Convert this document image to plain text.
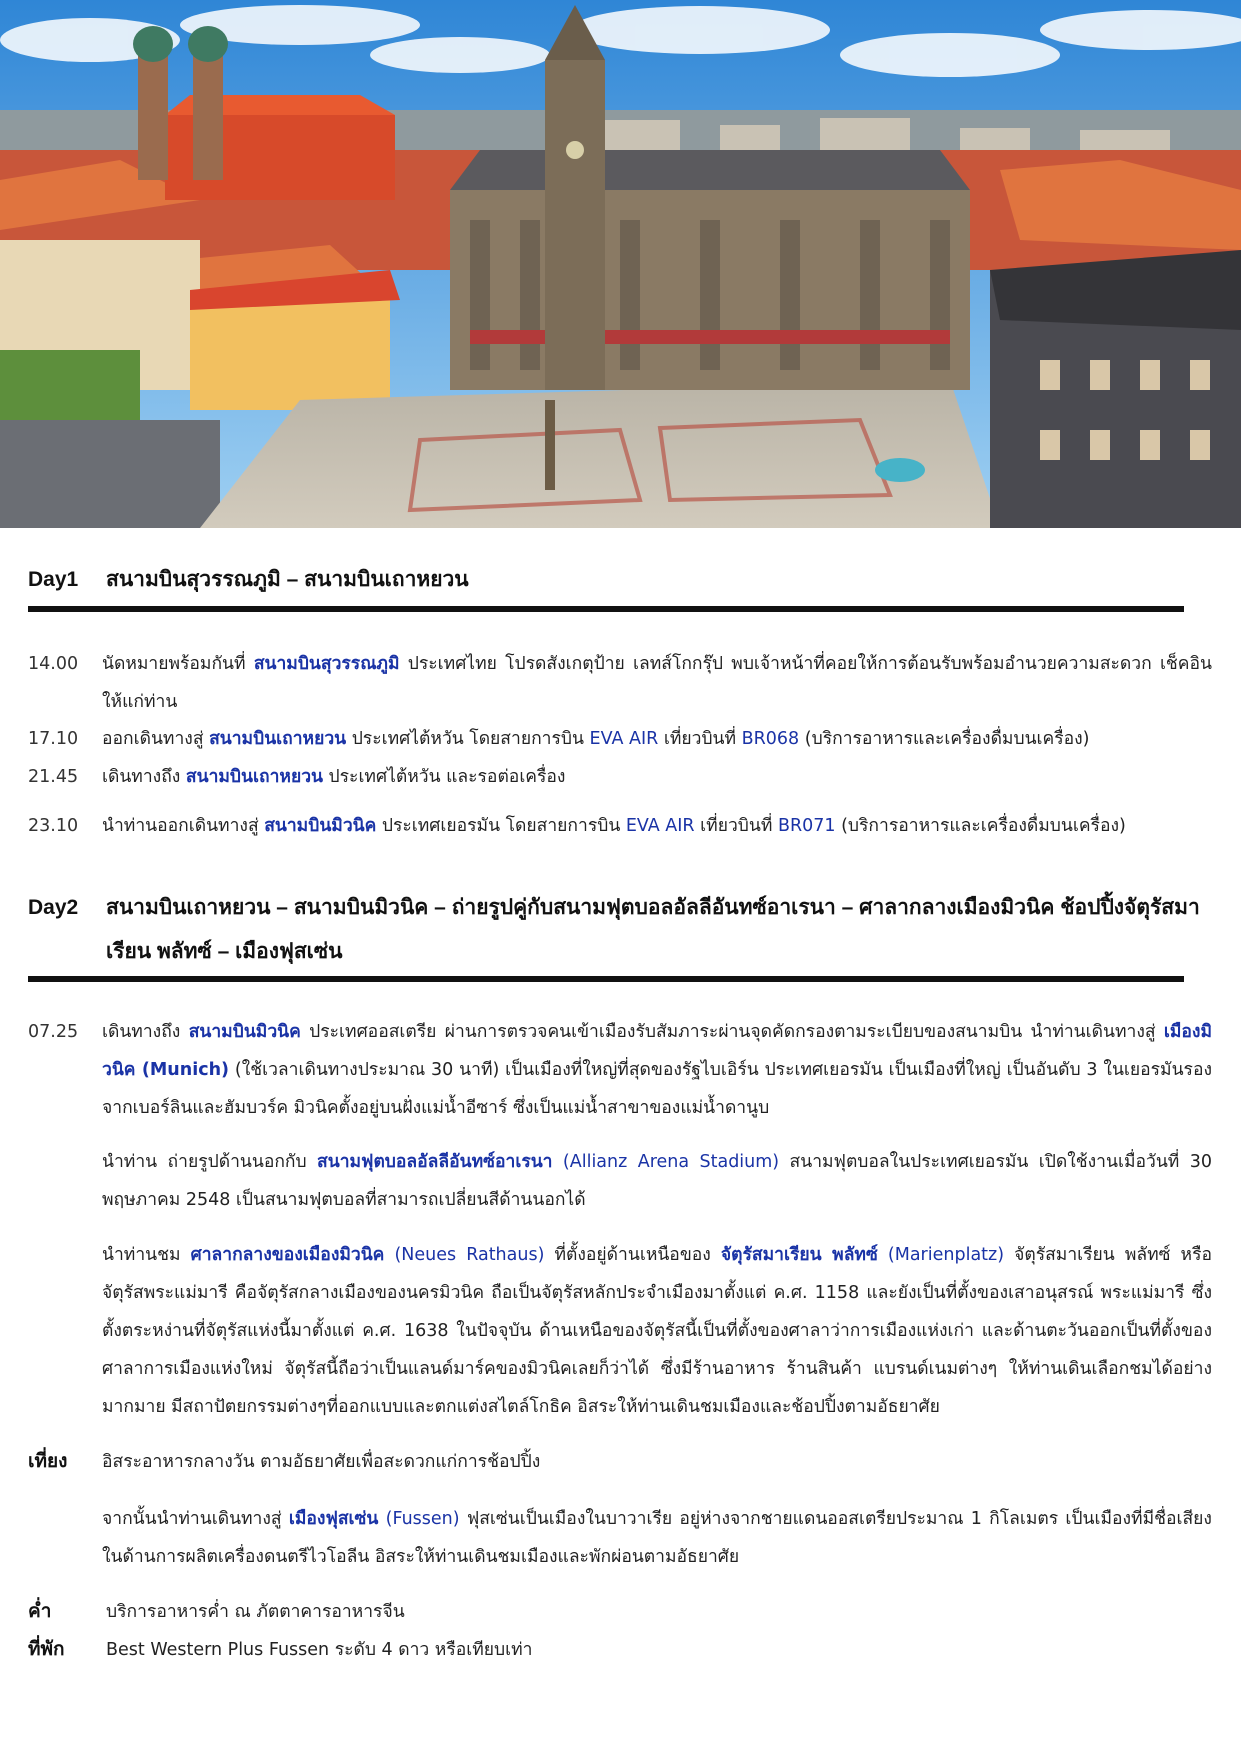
Day1 สนามบินสุวรรณภูมิ – สนามบินเถาหยวน
14.00 นัดหมายพร้อมกันที่ สนามบินสุวรรณภูมิ ประเทศไทย โปรดสังเกตุป้าย เลทส์โกกรุ๊ป พบเจ้าหน้าที่คอยให้การต้อนรับพร้อมอำนวยความสะดวก เช็คอินให้แก่ท่าน
17.10 ออกเดินทางสู่ สนามบินเถาหยวน ประเทศไต้หวัน โดยสายการบิน EVA AIR เที่ยวบินที่ BR068 (บริการอาหารและเครื่องดื่มบนเครื่อง)
21.45 เดินทางถึง สนามบินเถาหยวน ประเทศไต้หวัน และรอต่อเครื่อง
23.10 นำท่านออกเดินทางสู่ สนามบินมิวนิค ประเทศเยอรมัน โดยสายการบิน EVA AIR เที่ยวบินที่ BR071 (บริการอาหารและเครื่องดื่มบนเครื่อง)
Day2 สนามบินเถาหยวน – สนามบินมิวนิค – ถ่ายรูปคู่กับสนามฟุตบอลอัลลีอันทซ์อาเรนา – ศาลากลางเมืองมิวนิค ช้อปปิ้งจัตุรัสมาเรียน พลัทซ์ – เมืองฟุสเซ่น
07.25 เดินทางถึง สนามบินมิวนิค ประเทศออสเตรีย ผ่านการตรวจคนเข้าเมืองรับสัมภาระผ่านจุดคัดกรองตามระเบียบของสนามบิน นำท่านเดินทางสู่ เมืองมิวนิค (Munich) (ใช้เวลาเดินทางประมาณ 30 นาที) เป็นเมืองที่ใหญ่ที่สุดของรัฐไบเอิร์น ประเทศเยอรมัน เป็นเมืองที่ใหญ่ เป็นอันดับ 3 ในเยอรมันรองจากเบอร์ลินและฮัมบวร์ค มิวนิคตั้งอยู่บนฝั่งแม่น้ำอีซาร์ ซึ่งเป็นแม่น้ำสาขาของแม่น้ำดานูบ
นำท่าน ถ่ายรูปด้านนอกกับ สนามฟุตบอลอัลลีอันทซ์อาเรนา (Allianz Arena Stadium) สนามฟุตบอลในประเทศเยอรมัน เปิดใช้งานเมื่อวันที่ 30 พฤษภาคม 2548 เป็นสนามฟุตบอลที่สามารถเปลี่ยนสีด้านนอกได้
นำท่านชม ศาลากลางของเมืองมิวนิค (Neues Rathaus) ที่ตั้งอยู่ด้านเหนือของ จัตุรัสมาเรียน พลัทซ์ (Marienplatz) จัตุรัสมาเรียน พลัทซ์ หรือ จัตุรัสพระแม่มารี คือจัตุรัสกลางเมืองของนครมิวนิค ถือเป็นจัตุรัสหลักประจำเมืองมาตั้งแต่ ค.ศ. 1158 และยังเป็นที่ตั้งของเสาอนุสรณ์ พระแม่มารี ซึ่งตั้งตระหง่านที่จัตุรัสแห่งนี้มาตั้งแต่ ค.ศ. 1638 ในปัจจุบัน ด้านเหนือของจัตุรัสนี้เป็นที่ตั้งของศาลาว่าการเมืองแห่งเก่า และด้านตะวันออกเป็นที่ตั้งของศาลาการเมืองแห่งใหม่ จัตุรัสนี้ถือว่าเป็นแลนด์มาร์คของมิวนิคเลยก็ว่าได้ ซึ่งมีร้านอาหาร ร้านสินค้า แบรนด์เนมต่างๆ ให้ท่านเดินเลือกชมได้อย่างมากมาย มีสถาปัตยกรรมต่างๆที่ออกแบบและตกแต่งสไตล์โกธิค อิสระให้ท่านเดินชมเมืองและช้อปปิ้งตามอัธยาศัย
เที่ยง อิสระอาหารกลางวัน ตามอัธยาศัยเพื่อสะดวกแก่การช้อปปิ้ง
จากนั้นนำท่านเดินทางสู่ เมืองฟุสเซ่น (Fussen) ฟุสเซ่นเป็นเมืองในบาวาเรีย อยู่ห่างจากชายแดนออสเตรียประมาณ 1 กิโลเมตร เป็นเมืองที่มีชื่อเสียงในด้านการผลิตเครื่องดนตรีไวโอลีน อิสระให้ท่านเดินชมเมืองและพักผ่อนตามอัธยาศัย
ค่ำ	บริการอาหารค่ำ ณ ภัตตาคารอาหารจีน
ที่พัก Best Western Plus Fussen ระดับ 4 ดาว หรือเทียบเท่า
